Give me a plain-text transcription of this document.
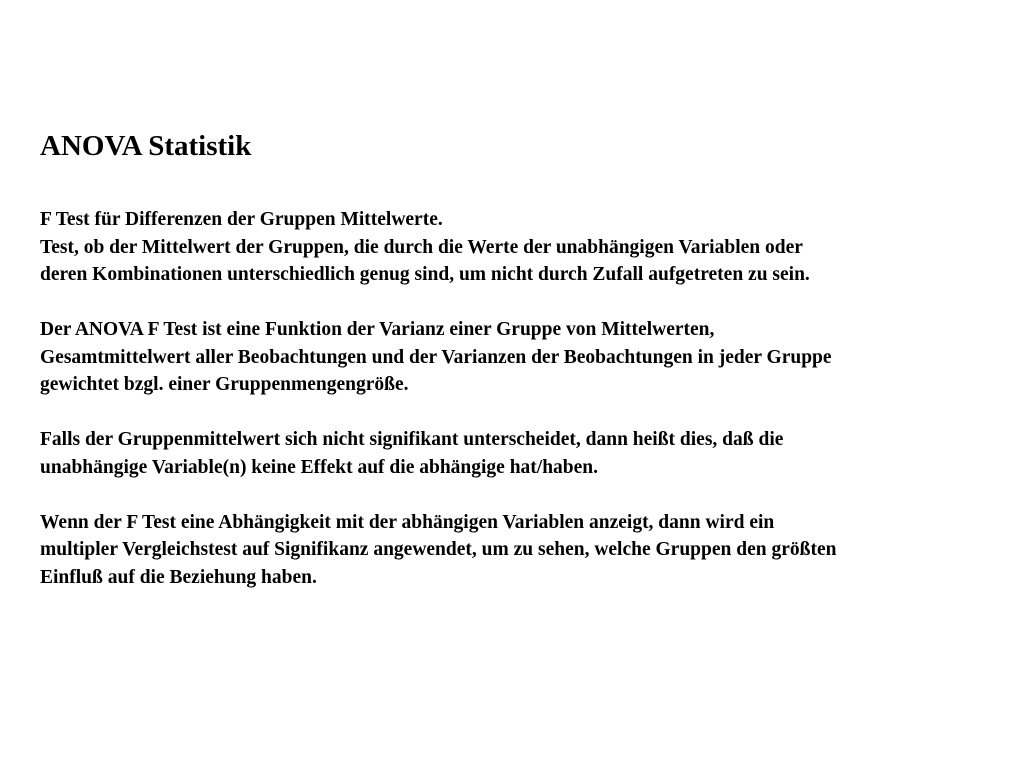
ANOVA Statistik

F Test für Differenzen der Gruppen Mittelwerte.
Test, ob der Mittelwert der Gruppen, die durch die Werte der unabhängigen Variablen oder
deren Kombinationen unterschiedlich genug sind, um nicht durch Zufall aufgetreten zu sein.

Der ANOVA F Test ist eine Funktion der Varianz einer Gruppe von Mittelwerten,
Gesamtmittelwert aller Beobachtungen und der Varianzen der Beobachtungen in jeder Gruppe
gewichtet bzgl. einer Gruppenmengengröße.

Falls der Gruppenmittelwert sich nicht signifikant unterscheidet, dann heißt dies, daß die
unabhängige Variable(n) keine Effekt auf die abhängige hat/haben.

Wenn der F Test eine Abhängigkeit mit der abhängigen Variablen anzeigt, dann wird ein
multipler Vergleichstest auf Signifikanz angewendet, um zu sehen, welche Gruppen den größten
Einfluß auf die Beziehung haben.
